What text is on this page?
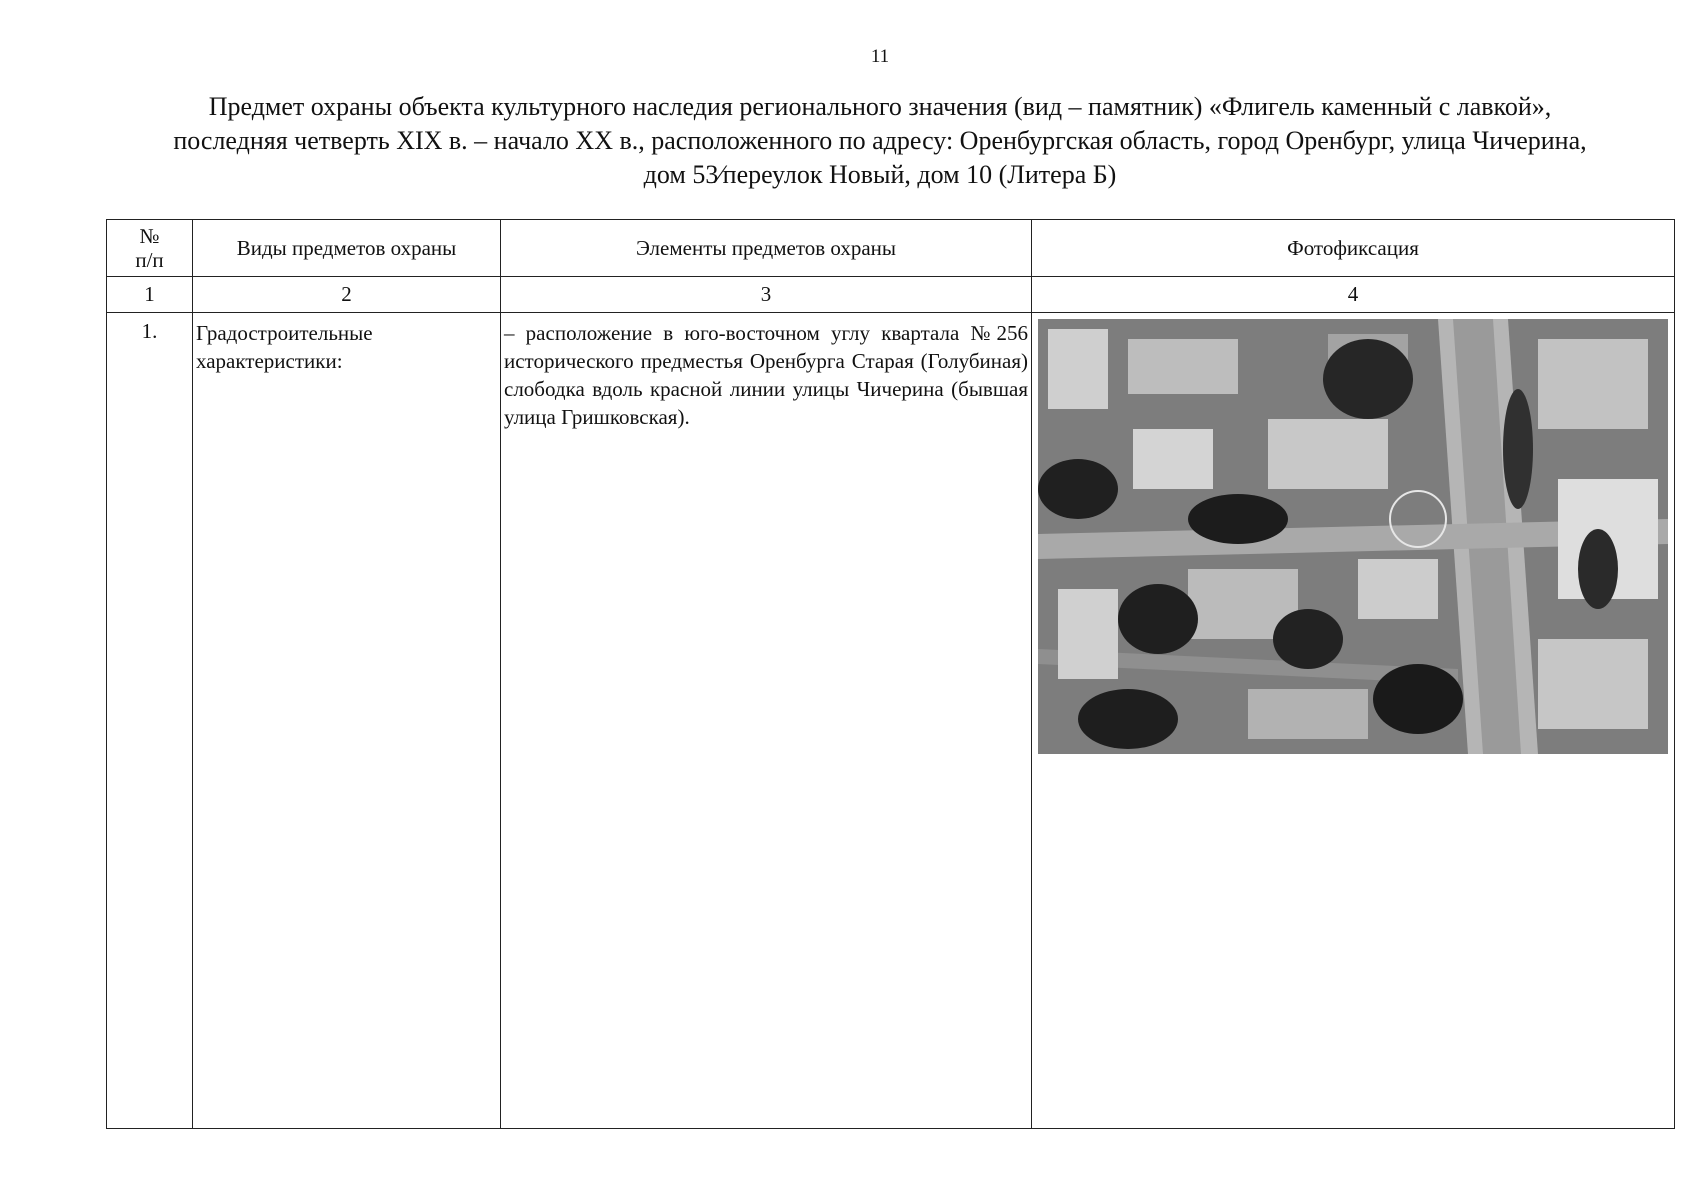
11
Предмет охраны объекта культурного наследия регионального значения (вид – памятник) «Флигель каменный с лавкой»,
последняя четверть XIX в. – начало XX в., расположенного по адресу: Оренбургская область, город Оренбург, улица Чичерина,
дом 53⁄переулок Новый, дом 10 (Литера Б)
№
п/п	Виды предметов охраны	Элементы предметов охраны	Фотофиксация
1	2	3	4
1.	Градостроительные характеристики:	– расположение в юго-восточном углу квартала №256 исторического предместья Оренбурга Старая (Голубиная) слободка вдоль красной линии улицы Чичерина (бывшая улица Гришковская).	
